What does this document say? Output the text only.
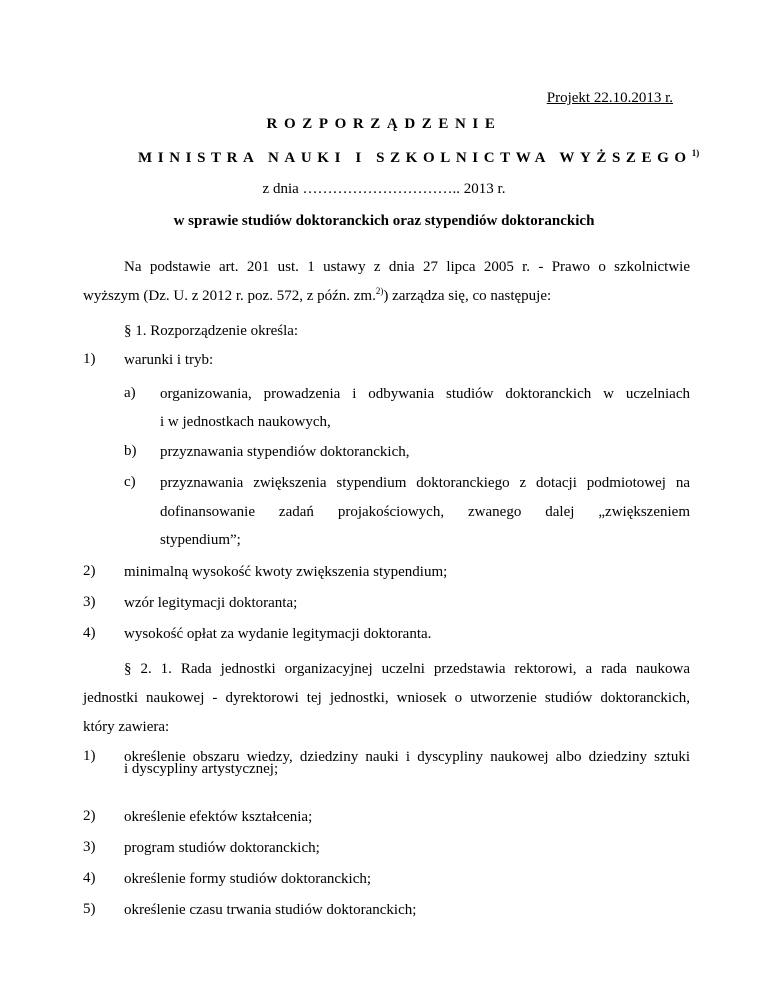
Projekt 22.10.2013 r.
ROZPORZĄDZENIE
MINISTRA NAUKI I SZKOLNICTWA WYŻSZEGO$^{1)}$
z dnia ………………………….. 2013 r.
w sprawie studiów doktoranckich oraz stypendiów doktoranckich
Na podstawie art. 201 ust. 1 ustawy z dnia 27 lipca 2005 r. - Prawo o szkolnictwie
wyższym (Dz. U. z 2012 r. poz. 572, z późn. zm.$^{2)}$) zarządza się, co następuje:
§ 1. Rozporządzenie określa:
1) warunki i tryb:
a) organizowania, prowadzenia i odbywania studiów doktoranckich w uczelniach
i w jednostkach naukowych,
b) przyznawania stypendiów doktoranckich,
c) przyznawania zwiększenia stypendium doktoranckiego z dotacji podmiotowej na
dofinansowanie zadań projakościowych, zwanego dalej „zwiększeniem
stypendium”;
2) minimalną wysokość kwoty zwiększenia stypendium;
3) wzór legitymacji doktoranta;
4) wysokość opłat za wydanie legitymacji doktoranta.
§ 2. 1. Rada jednostki organizacyjnej uczelni przedstawia rektorowi, a rada naukowa
jednostki naukowej - dyrektorowi tej jednostki, wniosek o utworzenie studiów doktoranckich,
który zawiera:
1) określenie obszaru wiedzy, dziedziny nauki i dyscypliny naukowej albo dziedziny sztuki
i dyscypliny artystycznej;
2) określenie efektów kształcenia;
3) program studiów doktoranckich;
4) określenie formy studiów doktoranckich;
5) określenie czasu trwania studiów doktoranckich;
